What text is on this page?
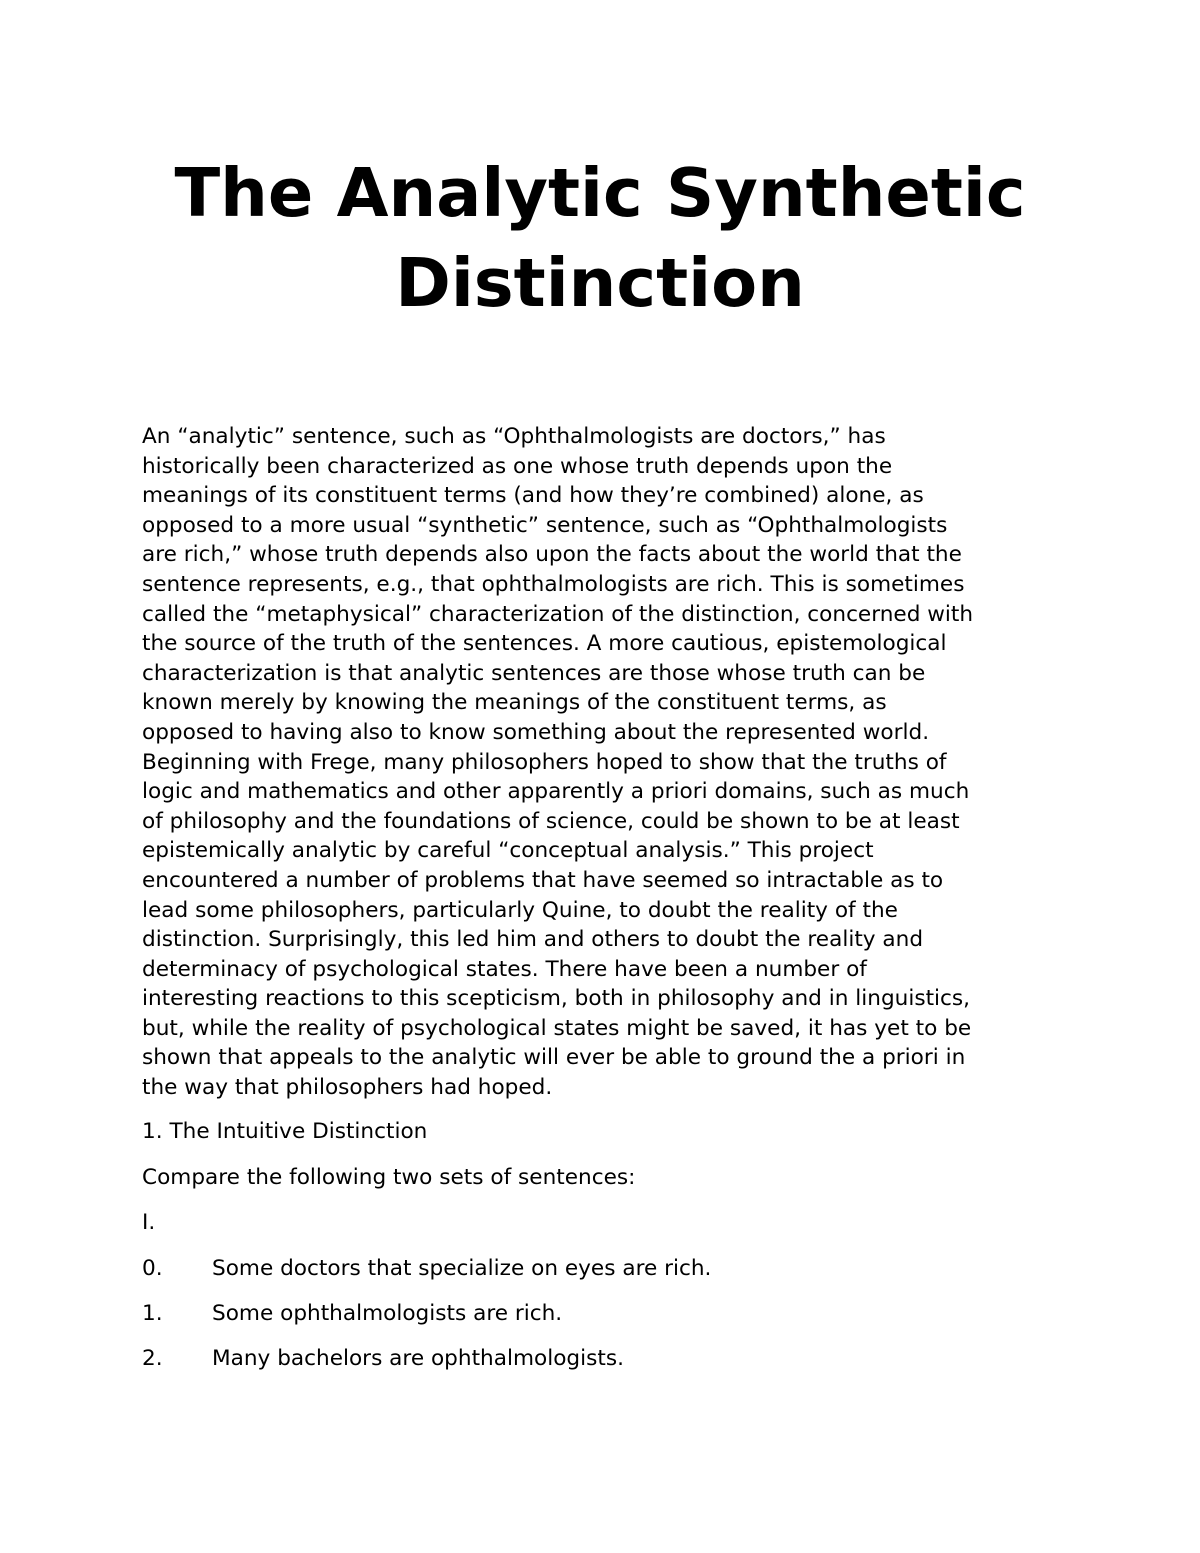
The Analytic Synthetic
Distinction

An “analytic” sentence, such as “Ophthalmologists are doctors,” has
historically been characterized as one whose truth depends upon the
meanings of its constituent terms (and how they’re combined) alone, as
opposed to a more usual “synthetic” sentence, such as “Ophthalmologists
are rich,” whose truth depends also upon the facts about the world that the
sentence represents, e.g., that ophthalmologists are rich. This is sometimes
called the “metaphysical” characterization of the distinction, concerned with
the source of the truth of the sentences. A more cautious, epistemological
characterization is that analytic sentences are those whose truth can be
known merely by knowing the meanings of the constituent terms, as
opposed to having also to know something about the represented world.
Beginning with Frege, many philosophers hoped to show that the truths of
logic and mathematics and other apparently a priori domains, such as much
of philosophy and the foundations of science, could be shown to be at least
epistemically analytic by careful “conceptual analysis.” This project
encountered a number of problems that have seemed so intractable as to
lead some philosophers, particularly Quine, to doubt the reality of the
distinction. Surprisingly, this led him and others to doubt the reality and
determinacy of psychological states. There have been a number of
interesting reactions to this scepticism, both in philosophy and in linguistics,
but, while the reality of psychological states might be saved, it has yet to be
shown that appeals to the analytic will ever be able to ground the a priori in
the way that philosophers had hoped.

1. The Intuitive Distinction

Compare the following two sets of sentences:

I.

0. Some doctors that specialize on eyes are rich.

1. Some ophthalmologists are rich.

2. Many bachelors are ophthalmologists.
